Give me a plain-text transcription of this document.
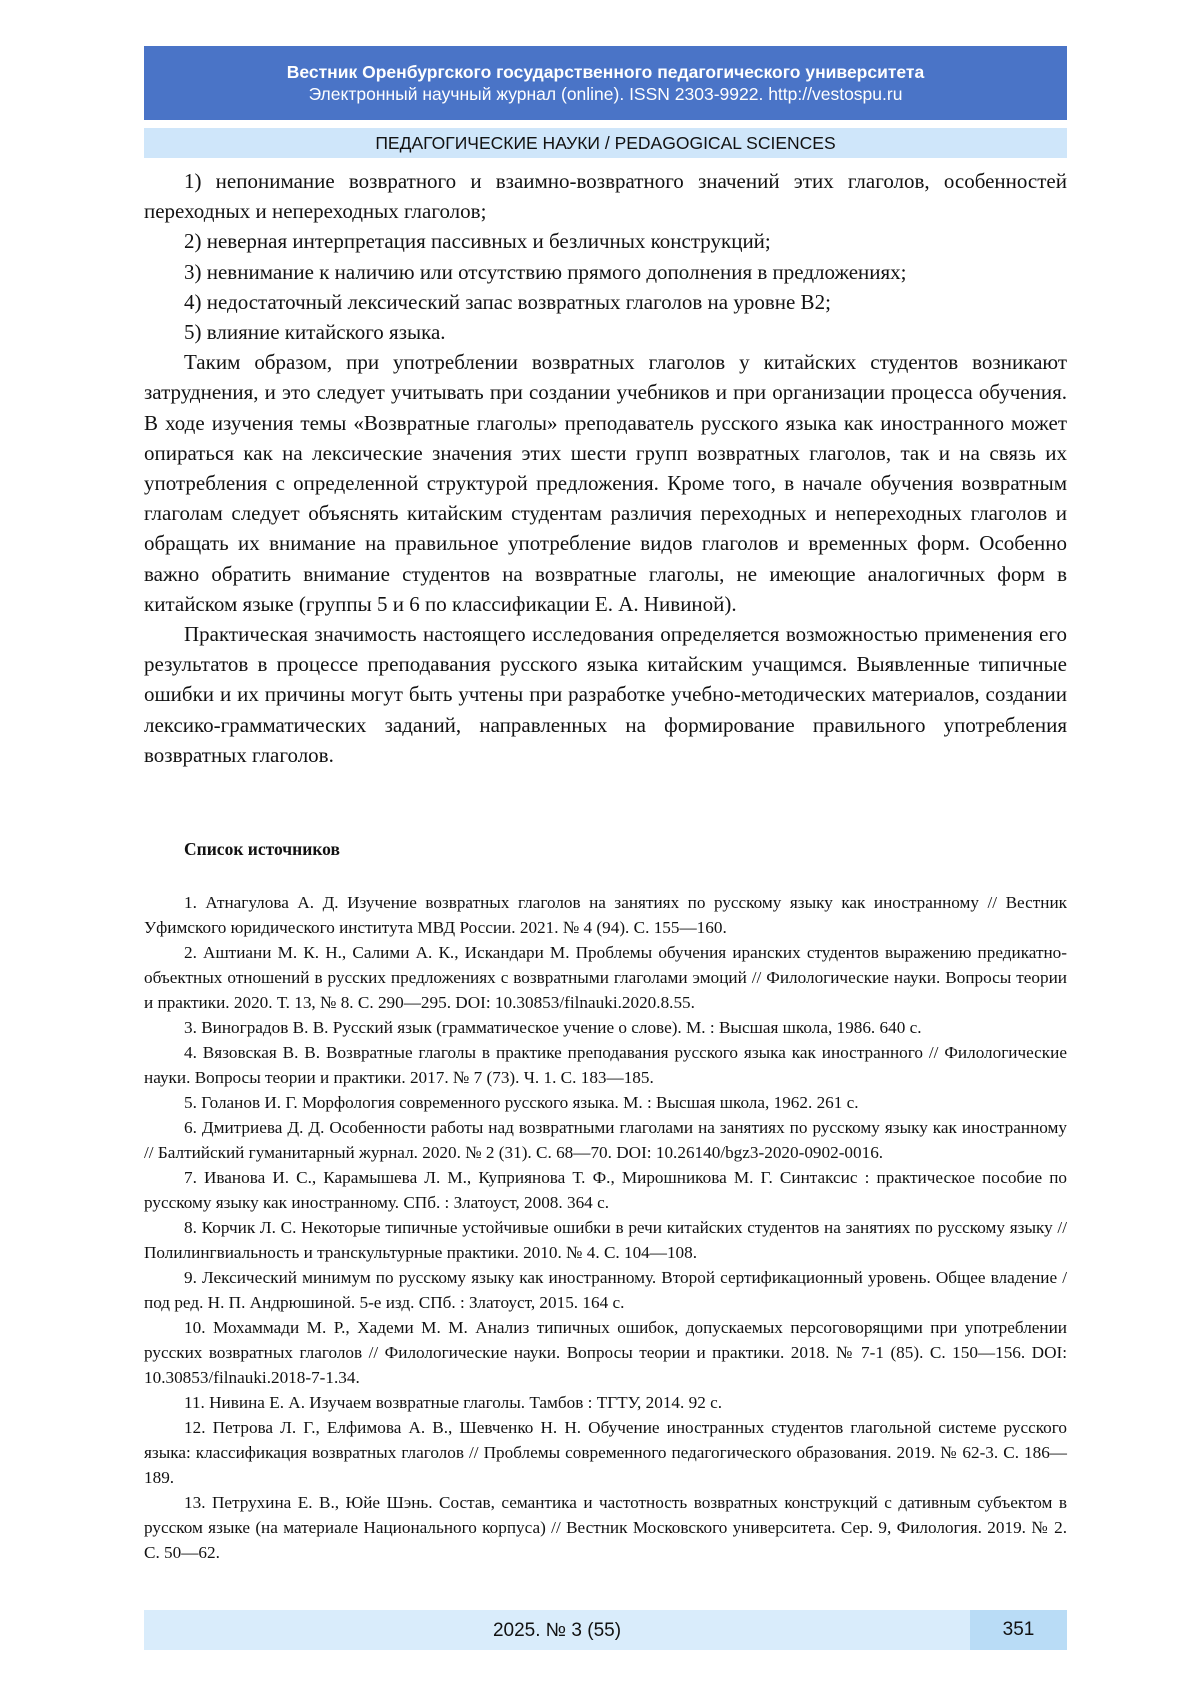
Вестник Оренбургского государственного педагогического университета
Электронный научный журнал (online). ISSN 2303-9922. http://vestospu.ru
ПЕДАГОГИЧЕСКИЕ НАУКИ / PEDAGOGICAL SCIENCES

1) непонимание возвратного и взаимно-возвратного значений этих глаголов, особенностей переходных и непереходных глаголов;

2) неверная интерпретация пассивных и безличных конструкций;

3) невнимание к наличию или отсутствию прямого дополнения в предложениях;

4) недостаточный лексический запас возвратных глаголов на уровне В2;

5) влияние китайского языка.

Таким образом, при употреблении возвратных глаголов у китайских студентов возникают затруднения, и это следует учитывать при создании учебников и при организации процесса обучения. В ходе изучения темы «Возвратные глаголы» преподаватель русского языка как иностранного может опираться как на лексические значения этих шести групп возвратных глаголов, так и на связь их употребления с определенной структурой предложения. Кроме того, в начале обучения возвратным глаголам следует объяснять китайским студентам различия переходных и непереходных глаголов и обращать их внимание на правильное употребление видов глаголов и временных форм. Особенно важно обратить внимание студентов на возвратные глаголы, не имеющие аналогичных форм в китайском языке (группы 5 и 6 по классификации Е. А. Нивиной).

Практическая значимость настоящего исследования определяется возможностью применения его результатов в процессе преподавания русского языка китайским учащимся. Выявленные типичные ошибки и их причины могут быть учтены при разработке учебно-методических материалов, создании лексико-грамматических заданий, направленных на формирование правильного употребления возвратных глаголов.

Список источников

1. Атнагулова А. Д. Изучение возвратных глаголов на занятиях по русскому языку как иностранному // Вестник Уфимского юридического института МВД России. 2021. № 4 (94). С. 155—160.

2. Аштиани М. К. Н., Салими А. К., Искандари М. Проблемы обучения иранских студентов выражению предикатно-объектных отношений в русских предложениях с возвратными глаголами эмоций // Филологические науки. Вопросы теории и практики. 2020. Т. 13, № 8. С. 290—295. DOI: 10.30853/filnauki.2020.8.55.

3. Виноградов В. В. Русский язык (грамматическое учение о слове). М. : Высшая школа, 1986. 640 с.

4. Вязовская В. В. Возвратные глаголы в практике преподавания русского языка как иностранного // Филологические науки. Вопросы теории и практики. 2017. № 7 (73). Ч. 1. С. 183—185.

5. Голанов И. Г. Морфология современного русского языка. М. : Высшая школа, 1962. 261 с.

6. Дмитриева Д. Д. Особенности работы над возвратными глаголами на занятиях по русскому языку как иностранному // Балтийский гуманитарный журнал. 2020. № 2 (31). С. 68—70. DOI: 10.26140/bgz3-2020-0902-0016.

7. Иванова И. С., Карамышева Л. М., Куприянова Т. Ф., Мирошникова М. Г. Синтаксис : практическое пособие по русскому языку как иностранному. СПб. : Златоуст, 2008. 364 с.

8. Корчик Л. С. Некоторые типичные устойчивые ошибки в речи китайских студентов на занятиях по русскому языку // Полилингвиальность и транскультурные практики. 2010. № 4. С. 104—108.

9. Лексический минимум по русскому языку как иностранному. Второй сертификационный уровень. Общее владение / под ред. Н. П. Андрюшиной. 5-е изд. СПб. : Златоуст, 2015. 164 с.

10. Мохаммади М. Р., Хадеми М. М. Анализ типичных ошибок, допускаемых персоговорящими при употреблении русских возвратных глаголов // Филологические науки. Вопросы теории и практики. 2018. № 7-1 (85). С. 150—156. DOI: 10.30853/filnauki.2018-7-1.34.

11. Нивина Е. А. Изучаем возвратные глаголы. Тамбов : ТГТУ, 2014. 92 с.

12. Петрова Л. Г., Елфимова А. В., Шевченко Н. Н. Обучение иностранных студентов глагольной системе русского языка: классификация возвратных глаголов // Проблемы современного педагогического образования. 2019. № 62-3. С. 186—189.

13. Петрухина Е. В., Юйе Шэнь. Состав, семантика и частотность возвратных конструкций с дативным субъектом в русском языке (на материале Национального корпуса) // Вестник Московского университета. Сер. 9, Филология. 2019. № 2. С. 50—62.

2025. № 3 (55)	351
